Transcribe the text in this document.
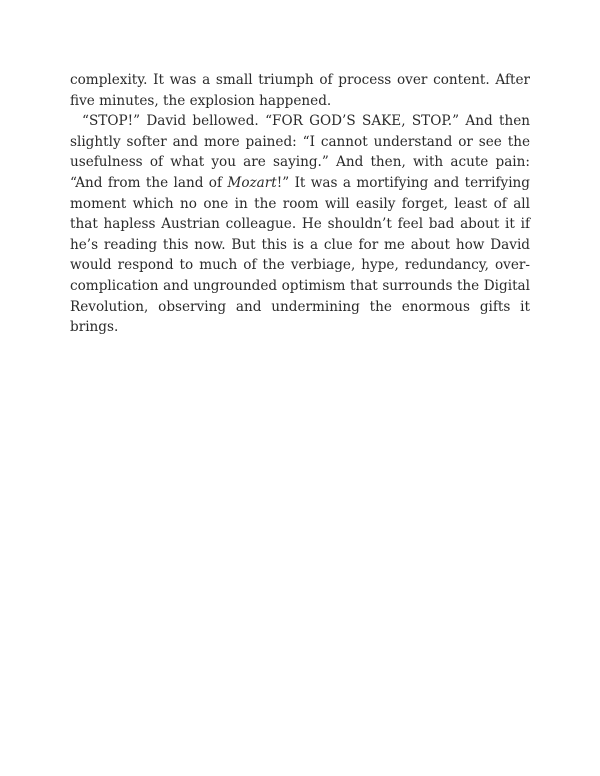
complexity. It was a small triumph of process over content. After five minutes, the explosion happened.

“STOP!” David bellowed. “FOR GOD’S SAKE, STOP.” And then slightly softer and more pained: “I cannot understand or see the usefulness of what you are saying.” And then, with acute pain: “And from the land of Mozart!” It was a mortifying and terrifying moment which no one in the room will easily forget, least of all that hapless Austrian colleague. He shouldn’t feel bad about it if he’s reading this now. But this is a clue for me about how David would respond to much of the verbiage, hype, redundancy, over-complication and ungrounded optimism that surrounds the Digital Revolution, observing and undermining the enormous gifts it brings.
